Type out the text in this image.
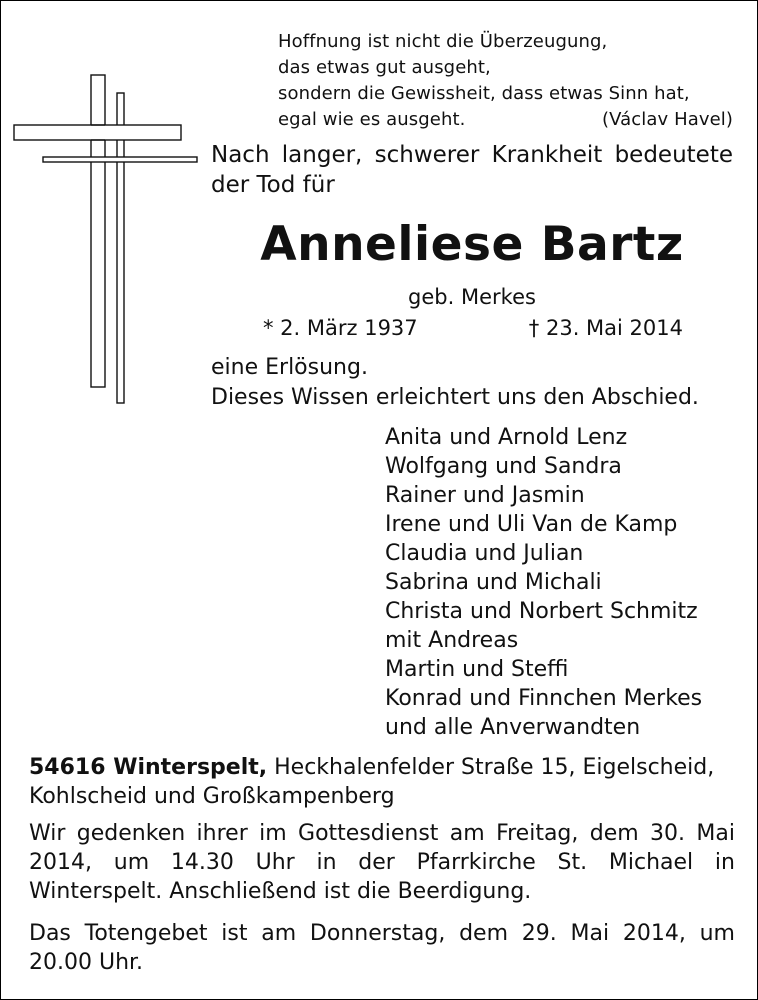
Hoffnung ist nicht die Überzeugung,
das etwas gut ausgeht,
sondern die Gewissheit, dass etwas Sinn hat,
egal wie es ausgeht.	(Václav Havel)
Nach langer, schwerer Krankheit bedeutete der Tod für
Anneliese Bartz
geb. Merkes
* 2. März 1937	† 23. Mai 2014
eine Erlösung.
Dieses Wissen erleichtert uns den Abschied.
Anita und Arnold Lenz
Wolfgang und Sandra
Rainer und Jasmin
Irene und Uli Van de Kamp
Claudia und Julian
Sabrina und Michali
Christa und Norbert Schmitz
mit Andreas
Martin und Steffi
Konrad und Finnchen Merkes
und alle Anverwandten
54616 Winterspelt, Heckhalenfelder Straße 15, Eigelscheid, Kohlscheid und Großkampenberg
Wir gedenken ihrer im Gottesdienst am Freitag, dem 30. Mai 2014, um 14.30 Uhr in der Pfarrkirche St. Michael in Winterspelt. Anschließend ist die Beerdigung.
Das Totengebet ist am Donnerstag, dem 29. Mai 2014, um 20.00 Uhr.
